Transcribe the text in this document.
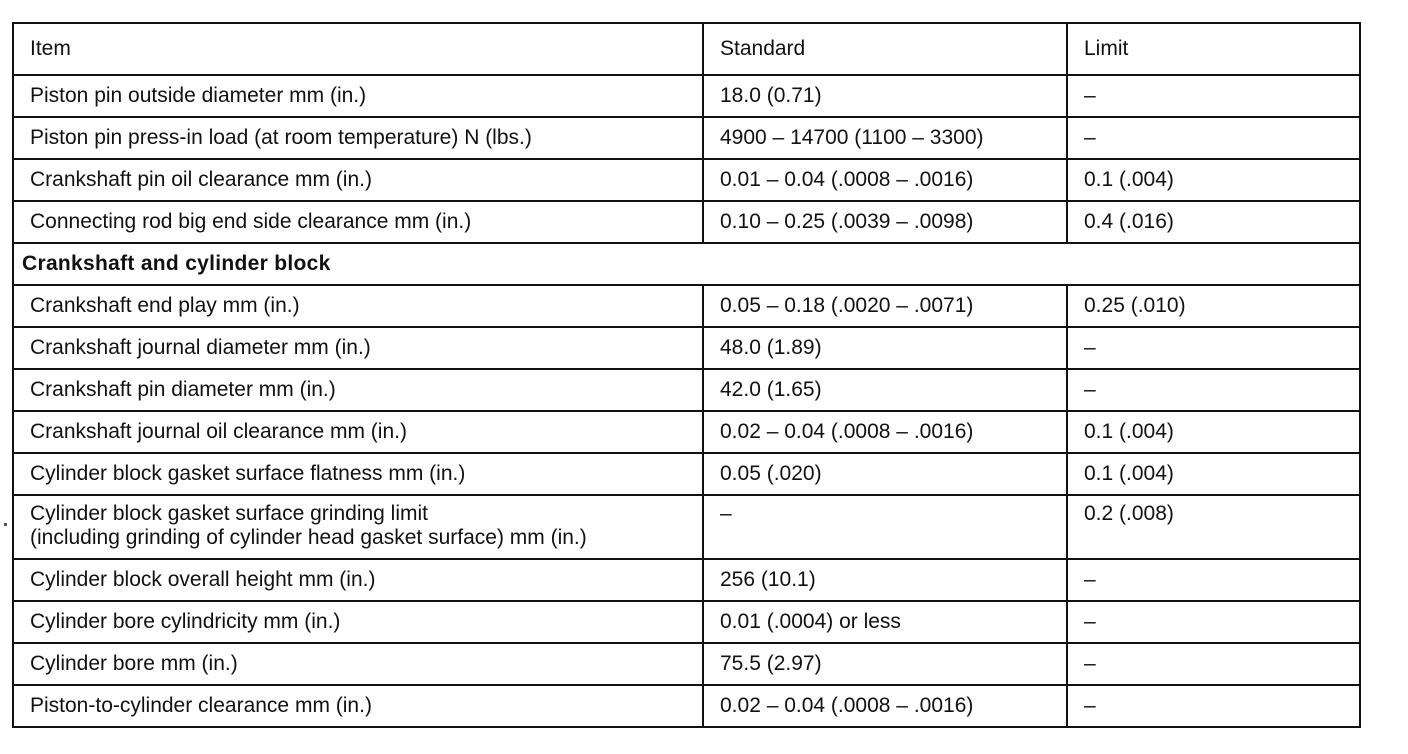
Item	Standard	Limit
Piston pin outside diameter mm (in.)	18.0 (0.71)	–
Piston pin press-in load (at room temperature) N (lbs.)	4900 – 14700 (1100 – 3300)	–
Crankshaft pin oil clearance mm (in.)	0.01 – 0.04 (.0008 – .0016)	0.1 (.004)
Connecting rod big end side clearance mm (in.)	0.10 – 0.25 (.0039 – .0098)	0.4 (.016)
Crankshaft and cylinder block		
Crankshaft end play mm (in.)	0.05 – 0.18 (.0020 – .0071)	0.25 (.010)
Crankshaft journal diameter mm (in.)	48.0 (1.89)	–
Crankshaft pin diameter mm (in.)	42.0 (1.65)	–
Crankshaft journal oil clearance mm (in.)	0.02 – 0.04 (.0008 – .0016)	0.1 (.004)
Cylinder block gasket surface flatness mm (in.)	0.05 (.020)	0.1 (.004)

Cylinder block gasket surface grinding limit
(including grinding of cylinder head gasket surface) mm (in.)	–	0.2 (.008)
Cylinder block overall height mm (in.)	256 (10.1)	–
Cylinder bore cylindricity mm (in.)	0.01 (.0004) or less	–
Cylinder bore mm (in.)	75.5 (2.97)	–
Piston-to-cylinder clearance mm (in.)	0.02 – 0.04 (.0008 – .0016)	–
